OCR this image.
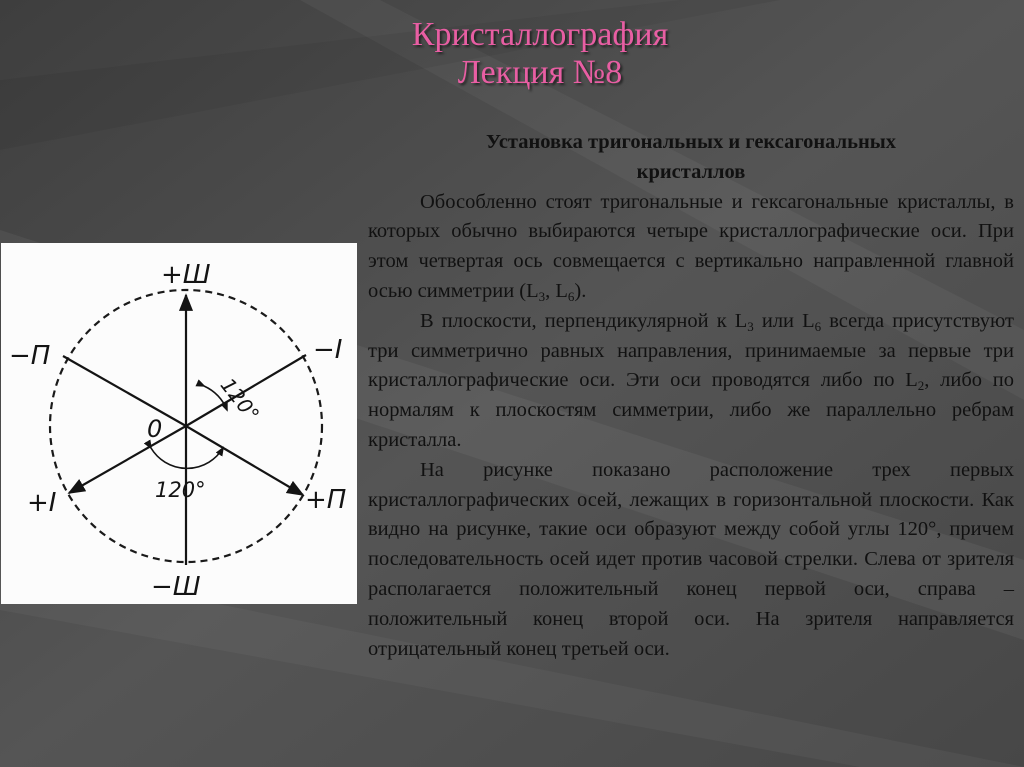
Кристаллография
Лекция №8
+Ш
−Ш
−П
+П
−I
+I
0
120°
120°
Установка тригональных и гексагональных
кристаллов

Обособленно стоят тригональные и гексагональные кристаллы, в которых обычно выбираются четыре кристаллографические оси. При этом четвертая ось совмещается с вертикально направленной главной осью симметрии ($L_3$, $L_6$).

В плоскости, перпендикулярной к $L_3$ или $L_6$ всегда присутствуют три симметрично равных направления, принимаемые за первые три кристаллографические оси. Эти оси проводятся либо по $L_2$, либо по нормалям к плоскостям симметрии, либо же параллельно ребрам кристалла.

На рисунке показано расположение трех первых кристаллографических осей, лежащих в горизонтальной плоскости. Как видно на рисунке, такие оси образуют между собой углы 120°, причем последовательность осей идет против часовой стрелки. Слева от зрителя располагается положительный конец первой оси, справа – положительный конец второй оси. На зрителя направляется отрицательный конец третьей оси.
